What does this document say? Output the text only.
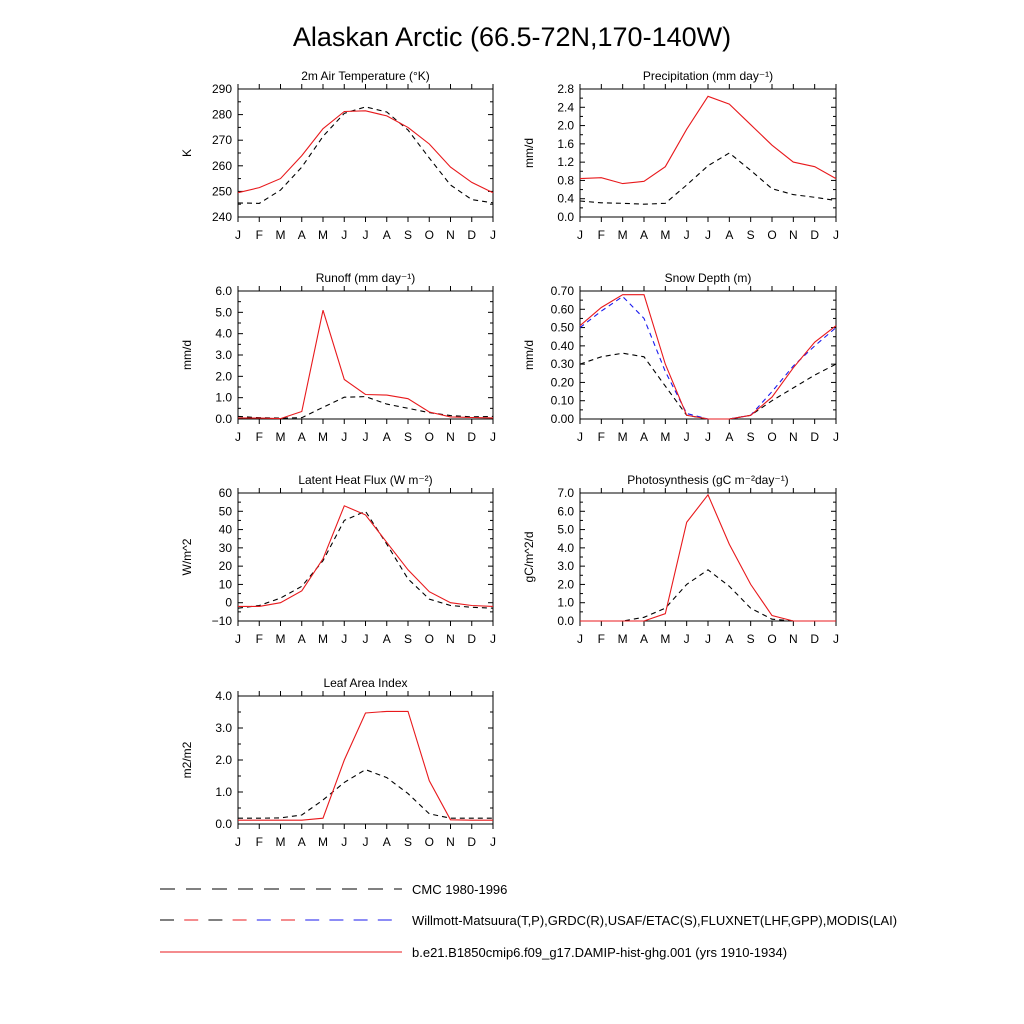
Alaskan Arctic (66.5-72N,170-140W)
2m Air Temperature (°K)
K
240
250
260
270
280
290
J F M A M J J A S O N D J
Precipitation (mm day⁻¹)
mm/d
0.0
0.4
0.8
1.2
1.6
2.0
2.4
2.8
J F M A M J J A S O N D J
Runoff (mm day⁻¹)
mm/d
0.0
1.0
2.0
3.0
4.0
5.0
6.0
J F M A M J J A S O N D J
Snow Depth (m)
mm/d
0.00
0.10
0.20
0.30
0.40
0.50
0.60
0.70
J F M A M J J A S O N D J
Latent Heat Flux (W m⁻²)
W/m^2
−10
0
10
20
30
40
50
60
J F M A M J J A S O N D J
Photosynthesis (gC m⁻²day⁻¹)
gC/m^2/d
0.0
1.0
2.0
3.0
4.0
5.0
6.0
7.0
J F M A M J J A S O N D J
Leaf Area Index
m2/m2
0.0
1.0
2.0
3.0
4.0
J F M A M J J A S O N D J
CMC 1980-1996
Willmott-Matsuura(T,P),GRDC(R),USAF/ETAC(S),FLUXNET(LHF,GPP),MODIS(LAI)
b.e21.B1850cmip6.f09_g17.DAMIP-hist-ghg.001 (yrs 1910-1934)
